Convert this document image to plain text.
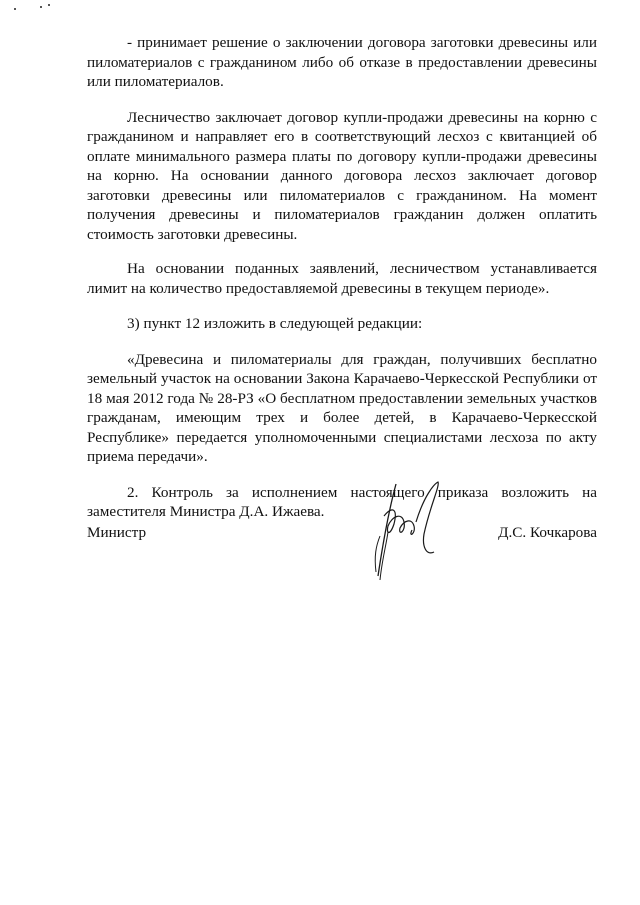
- принимает решение о заключении договора заготовки древесины или пиломатериалов с гражданином либо об отказе в предоставлении древесины или пиломатериалов.

Лесничество заключает договор купли-продажи древесины на корню с гражданином и направляет его в соответствующий лесхоз с квитанцией об оплате минимального размера платы по договору купли-продажи древесины на корню. На основании данного договора лесхоз заключает договор заготовки древесины или пиломатериалов с гражданином. На момент получения древесины и пиломатериалов гражданин должен оплатить стоимость заготовки древесины.

На основании поданных заявлений, лесничеством устанавливается лимит на количество предоставляемой древесины в текущем периоде».

3) пункт 12 изложить в следующей редакции:

«Древесина и пиломатериалы для граждан, получивших бесплатно земельный участок на основании Закона Карачаево-Черкесской Республики от 18 мая 2012 года № 28-РЗ «О бесплатном предоставлении земельных участков гражданам, имеющим трех и более детей, в Карачаево-Черкесской Республике» передается уполномоченными специалистами лесхоза по акту приема передачи».

2. Контроль за исполнением настоящего приказа возложить на заместителя Министра Д.А. Ижаева.

Министр	Д.С. Кочкарова
